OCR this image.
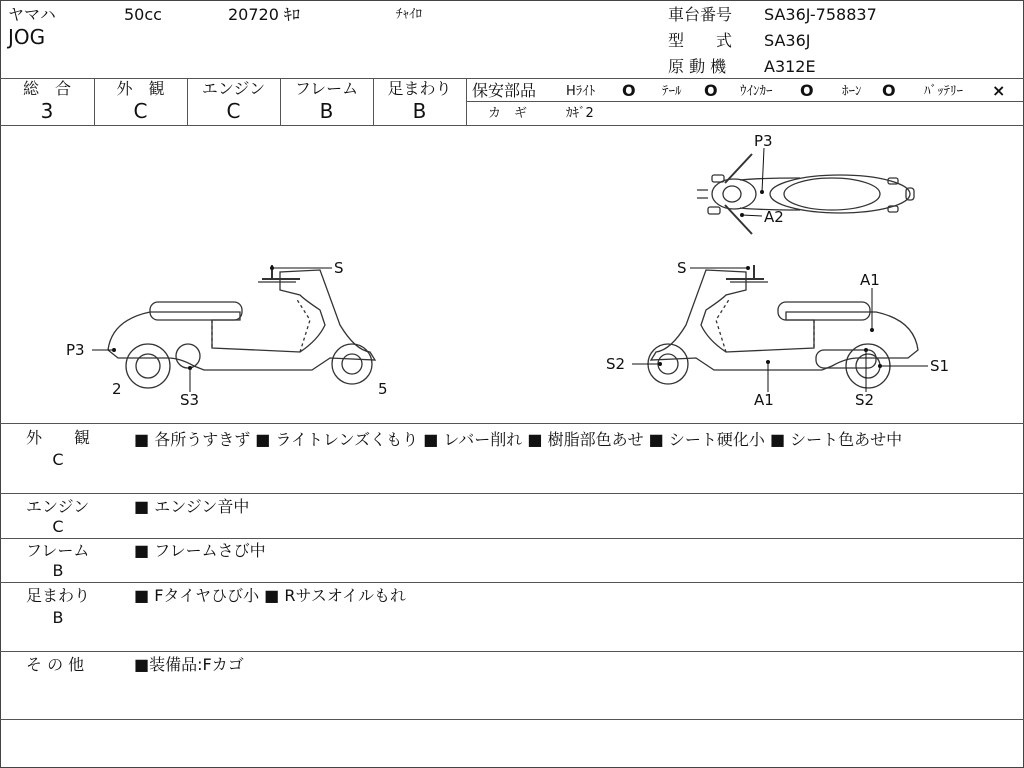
ヤマハ	50cc	20720 ｷﾛ	ﾁｬｲﾛ
JOG
車台番号 SA36J-758837
型　　式 SA36J
原 動 機 A312E
総　合
3
外　観
C
エンジン
C
フレーム
B
足まわり
B
保安部品 Hﾗｲﾄ O ﾃｰﾙ O ｳｲﾝｶｰ O ﾎｰﾝ O ﾊﾞｯﾃﾘｰ ×
カ　ギ	ｶｷﾞ2
P3
A2
S
P3
2
S3
5
S
A1
S2
A1	S2
S1
外　　観
C
■ 各所うすきず ■ ライトレンズくもり ■ レバー削れ ■ 樹脂部色あせ ■ シート硬化小 ■ シート色あせ中
エンジン
C
■ エンジン音中
フレーム
B
■ フレームさび中
足まわり
B
■ Fタイヤひび小 ■ Rサスオイルもれ
そ の 他	■装備品:Fカゴ
